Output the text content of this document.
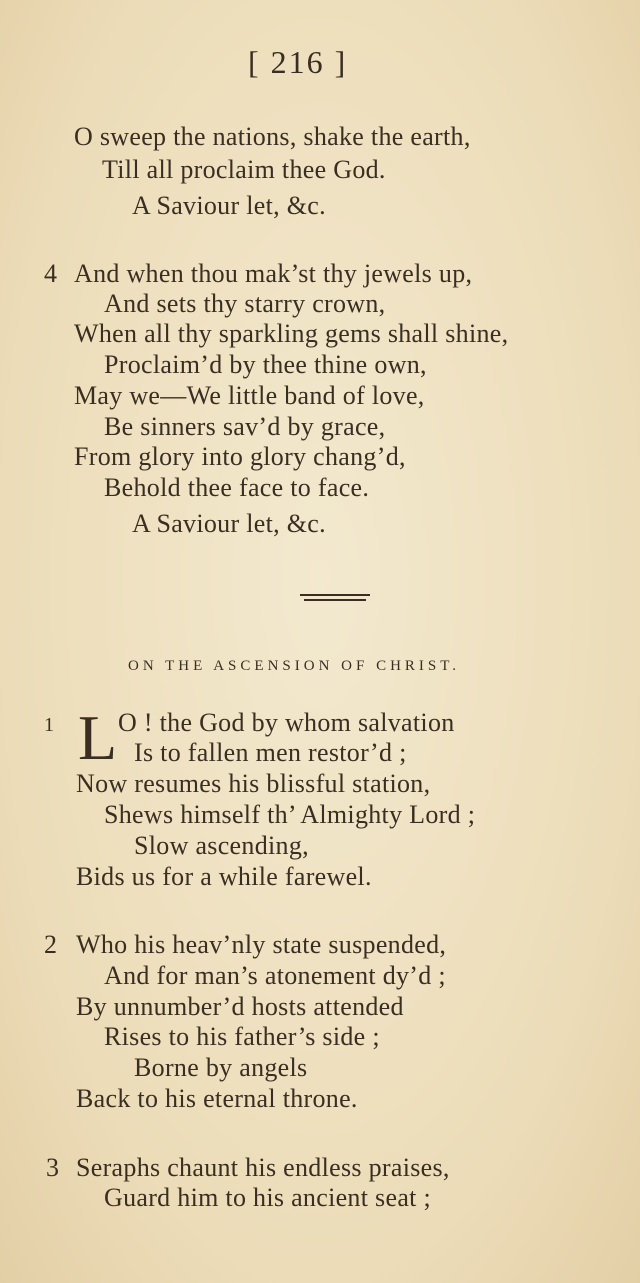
[ 216 ]
O sweep the nations, shake the earth,
Till all proclaim thee God.
A Saviour let, &c.
4 And when thou mak’st thy jewels up,
And sets thy starry crown,
When all thy sparkling gems shall shine,
Proclaim’d by thee thine own,
May we—We little band of love,
Be sinners sav’d by grace,
From glory into glory chang’d,
Behold thee face to face.
A Saviour let, &c.
ON THE ASCENSION OF CHRIST.
1 L O ! the God by whom salvation
Is to fallen men restor’d ;
Now resumes his blissful station,
Shews himself th’ Almighty Lord ;
Slow ascending,
Bids us for a while farewel.
2 Who his heav’nly state suspended,
And for man’s atonement dy’d ;
By unnumber’d hosts attended
Rises to his father’s side ;
Borne by angels
Back to his eternal throne.
3 Seraphs chaunt his endless praises,
Guard him to his ancient seat ;
